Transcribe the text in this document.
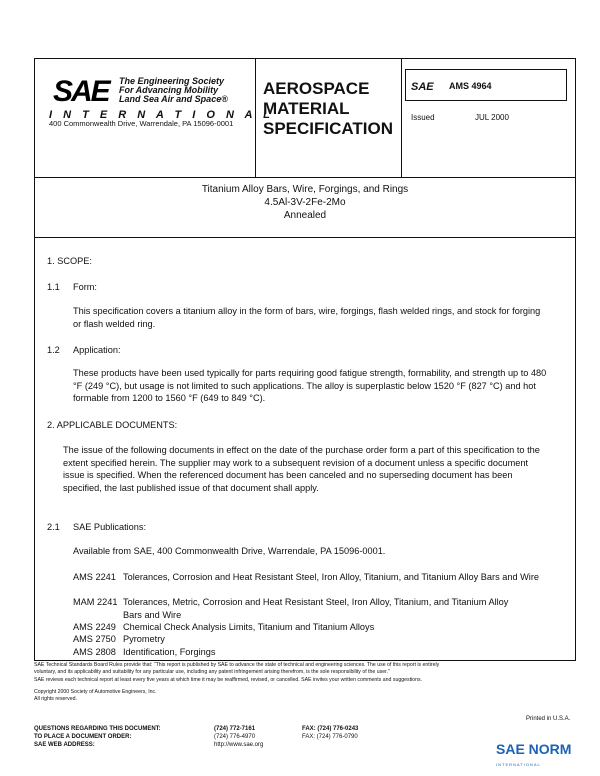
SAE The Engineering Society
For Advancing Mobility
Land Sea Air and Space®
I N T E R N A T I O N A L
400 Commonwealth Drive, Warrendale, PA 15096-0001
AEROSPACE
MATERIAL
SPECIFICATION
SAE AMS 4964
Issued	JUL 2000
Titanium Alloy Bars, Wire, Forgings, and Rings
4.5Al-3V-2Fe-2Mo
Annealed
1. SCOPE:
1.1 Form:
This specification covers a titanium alloy in the form of bars, wire, forgings, flash welded rings, and stock for forging or flash welded ring.
1.2 Application:
These products have been used typically for parts requiring good fatigue strength, formability, and strength up to 480 °F (249 °C), but usage is not limited to such applications. The alloy is superplastic below 1520 °F (827 °C) and hot formable from 1200 to 1560 °F (649 to 849 °C).
2. APPLICABLE DOCUMENTS:
The issue of the following documents in effect on the date of the purchase order form a part of this specification to the extent specified herein. The supplier may work to a subsequent revision of a document unless a specific document issue is specified. When the referenced document has been canceled and no superseding document has been specified, the last published issue of that document shall apply.
2.1 SAE Publications:
Available from SAE, 400 Commonwealth Drive, Warrendale, PA 15096-0001.
AMS 2241 Tolerances, Corrosion and Heat Resistant Steel, Iron Alloy, Titanium, and Titanium Alloy Bars and Wire
MAM 2241 Tolerances, Metric, Corrosion and Heat Resistant Steel, Iron Alloy, Titanium, and Titanium Alloy Bars and Wire
AMS 2249 Chemical Check Analysis Limits, Titanium and Titanium Alloys
AMS 2750 Pyrometry
AMS 2808 Identification, Forgings
SAE Technical Standards Board Rules provide that: “This report is published by SAE to advance the state of technical and engineering sciences. The use of this report is entirely
voluntary, and its applicability and suitability for any particular use, including any patent infringement arising therefrom, is the sole responsibility of the user.”
SAE reviews each technical report at least every five years at which time it may be reaffirmed, revised, or cancelled. SAE invites your written comments and suggestions.
Copyright 2000 Society of Automotive Engineers, Inc.
All rights reserved.
Printed in U.S.A.
QUESTIONS REGARDING THIS DOCUMENT:	(724) 772-7161	FAX: (724) 776-0243
TO PLACE A DOCUMENT ORDER:	(724) 776-4970	FAX: (724) 776-0790
SAE WEB ADDRESS:	http://www.sae.org	SAE NORM
INTERNATIONAL
